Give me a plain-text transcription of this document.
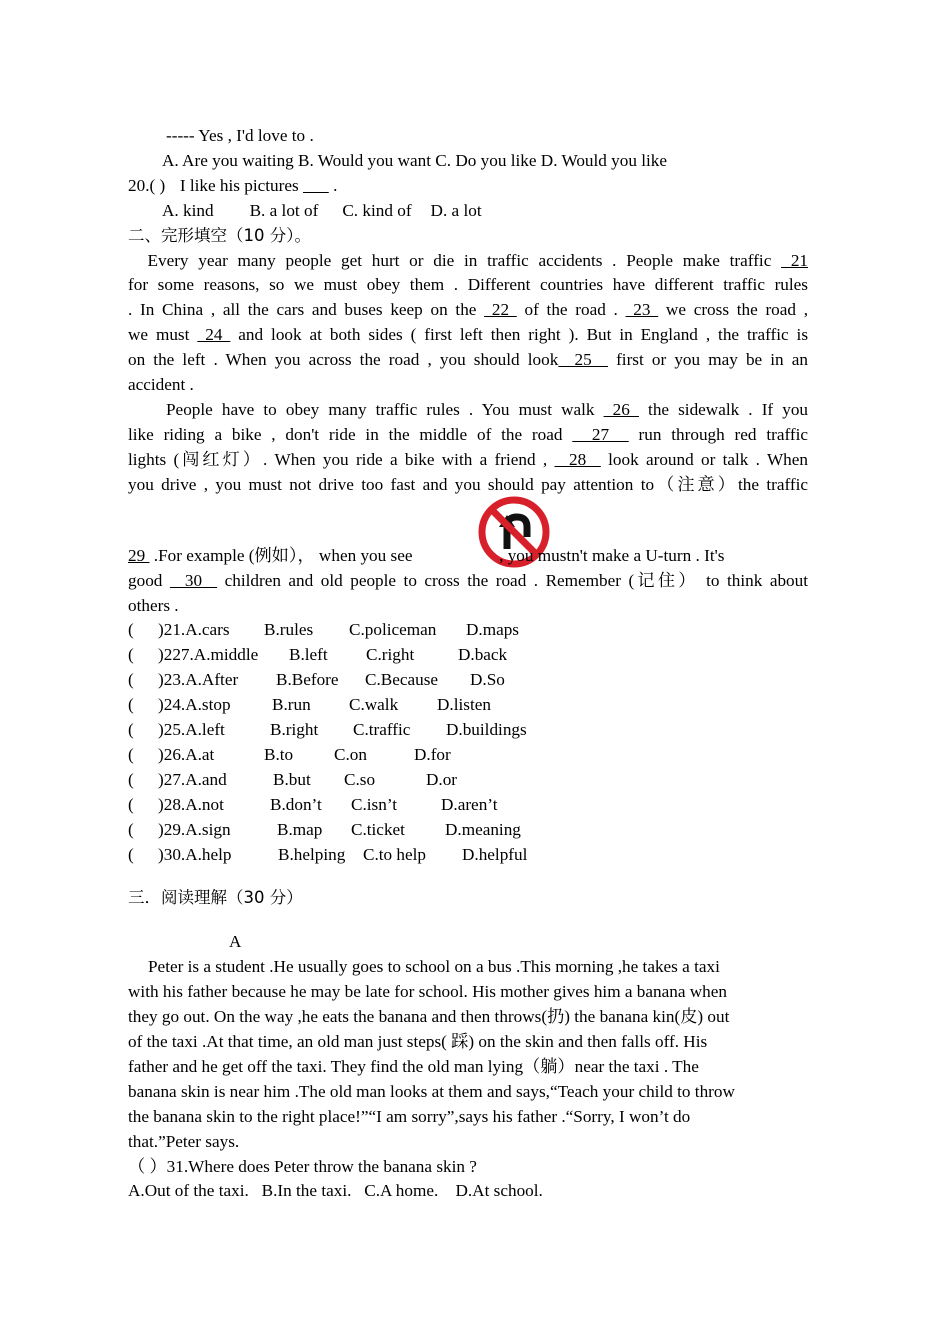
----- Yes , I'd love to .
A. Are you waiting B. Would you want C. Do you like D. Would you like
20.( ) I like his pictures        .
A. kind B. a lot of C. kind of D. a lot
二、完形填空（10 分）。
Every year many people get hurt or die in traffic accidents . People make traffic  21
for some reasons, so we must obey them . Different countries have different traffic rules
. In China , all the cars and buses keep on the  22  of the road .  23  we cross the road ,
we must  24  and look at both sides ( first left then right ). But in England , the traffic is
on the left . When you across the road , you should look  25   first or you may be in an
accident .
People have to obey many traffic rules . You must walk  26  the sidewalk . If you
like riding a bike , don't ride in the middle of the road   27   run through red traffic
lights (闯红灯）. When you ride a bike with a friend ,   28   look around or talk . When
you drive , you must not drive too fast and you should pay attention to（注意）the traffic
29  .For example (例如）， when you see	, you mustn't make a U-turn . It's
good   30   children and old people to cross the road . Remember (记住） to think about
others .
(	)21.A.cars	B.rules	C.policeman	D.maps
(	)227.A.middle	B.left	C.right	D.back
(	)23.A.After	B.Before	C.Because	D.So
(	)24.A.stop	B.run	C.walk	D.listen
(	)25.A.left	B.right	C.traffic	D.buildings
(	)26.A.at	B.to	C.on	D.for
(	)27.A.and	B.but	C.so	D.or
(	)28.A.not	B.don’t	C.isn’t	D.aren’t
(	)29.A.sign	B.map	C.ticket	D.meaning
(	)30.A.help	B.helping	C.to help	D.helpful
三．阅读理解（30 分）
A
Peter is a student .He usually goes to school on a bus .This morning ,he takes a taxi
with his father because he may be late for school. His mother gives him a banana when
they go out. On the way ,he eats the banana and then throws(扔) the banana kin(皮) out
of the taxi .At that time, an old man just steps( 踩) on the skin and then falls off. His
father and he get off the taxi. They find the old man lying（躺）near the taxi . The
banana skin is near him .The old man looks at them and says,“Teach your child to throw
the banana skin to the right place!”“I am sorry”,says his father .“Sorry, I won’t do
that.”Peter says.
（ ）31.Where does Peter throw the banana skin ?
A.Out of the taxi.   B.In the taxi.   C.A home.    D.At school.
